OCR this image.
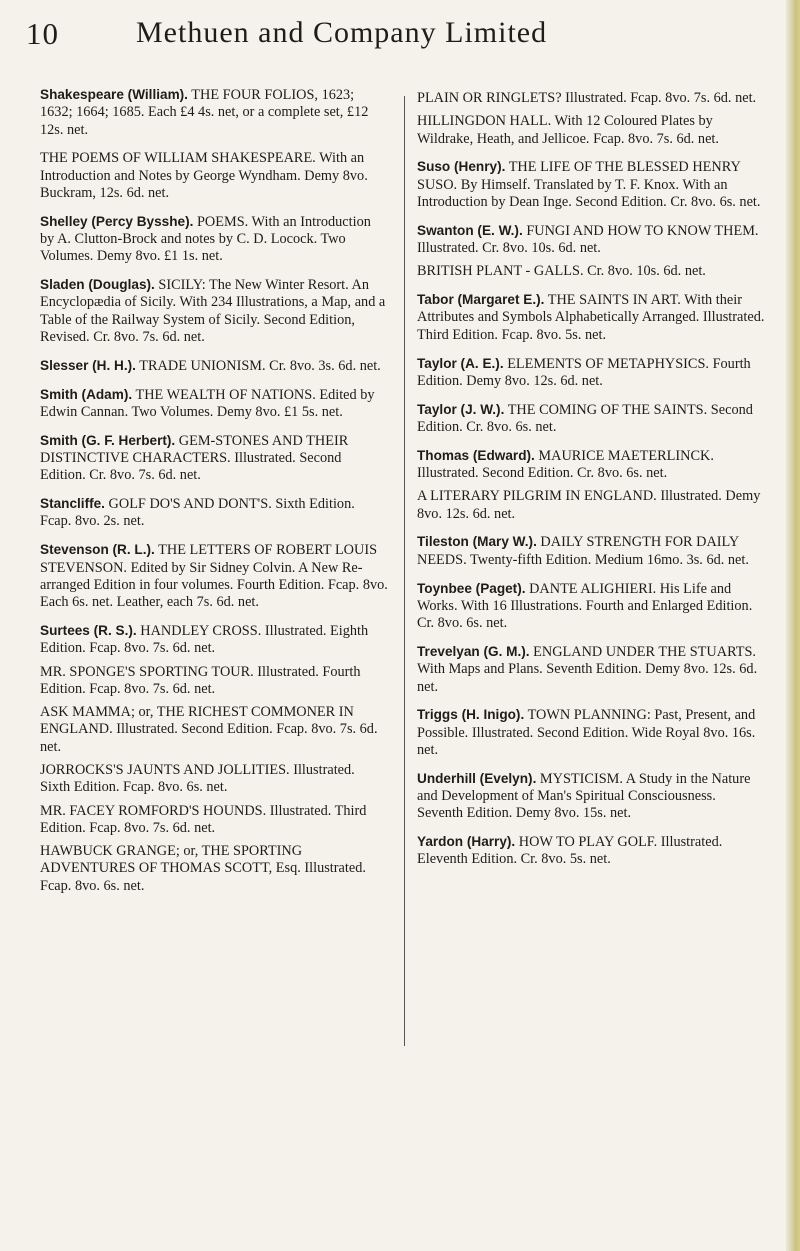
10	Methuen and Company Limited

Shakespeare (William). THE FOUR FOLIOS, 1623; 1632; 1664; 1685. Each £4 4s. net, or a complete set, £12 12s. net.

THE POEMS OF WILLIAM SHAKESPEARE. With an Introduction and Notes by George Wyndham. Demy 8vo. Buckram, 12s. 6d. net.

Shelley (Percy Bysshe). POEMS. With an Introduction by A. Clutton-Brock and notes by C. D. Locock. Two Volumes. Demy 8vo. £1 1s. net.

Sladen (Douglas). SICILY: The New Winter Resort. An Encyclopædia of Sicily. With 234 Illustrations, a Map, and a Table of the Railway System of Sicily. Second Edition, Revised. Cr. 8vo. 7s. 6d. net.

Slesser (H. H.). TRADE UNIONISM. Cr. 8vo. 3s. 6d. net.

Smith (Adam). THE WEALTH OF NATIONS. Edited by Edwin Cannan. Two Volumes. Demy 8vo. £1 5s. net.

Smith (G. F. Herbert). GEM-STONES AND THEIR DISTINCTIVE CHARACTERS. Illustrated. Second Edition. Cr. 8vo. 7s. 6d. net.

Stancliffe. GOLF DO'S AND DONT'S. Sixth Edition. Fcap. 8vo. 2s. net.

Stevenson (R. L.). THE LETTERS OF ROBERT LOUIS STEVENSON. Edited by Sir Sidney Colvin. A New Re-arranged Edition in four volumes. Fourth Edition. Fcap. 8vo. Each 6s. net. Leather, each 7s. 6d. net.

Surtees (R. S.). HANDLEY CROSS. Illustrated. Eighth Edition. Fcap. 8vo. 7s. 6d. net.

MR. SPONGE'S SPORTING TOUR. Illustrated. Fourth Edition. Fcap. 8vo. 7s. 6d. net.

ASK MAMMA; or, THE RICHEST COMMONER IN ENGLAND. Illustrated. Second Edition. Fcap. 8vo. 7s. 6d. net.

JORROCKS'S JAUNTS AND JOLLITIES. Illustrated. Sixth Edition. Fcap. 8vo. 6s. net.

MR. FACEY ROMFORD'S HOUNDS. Illustrated. Third Edition. Fcap. 8vo. 7s. 6d. net.

HAWBUCK GRANGE; or, THE SPORTING ADVENTURES OF THOMAS SCOTT, Esq. Illustrated. Fcap. 8vo. 6s. net.

PLAIN OR RINGLETS? Illustrated. Fcap. 8vo. 7s. 6d. net.

HILLINGDON HALL. With 12 Coloured Plates by Wildrake, Heath, and Jellicoe. Fcap. 8vo. 7s. 6d. net.

Suso (Henry). THE LIFE OF THE BLESSED HENRY SUSO. By Himself. Translated by T. F. Knox. With an Introduction by Dean Inge. Second Edition. Cr. 8vo. 6s. net.

Swanton (E. W.). FUNGI AND HOW TO KNOW THEM. Illustrated. Cr. 8vo. 10s. 6d. net.

BRITISH PLANT - GALLS. Cr. 8vo. 10s. 6d. net.

Tabor (Margaret E.). THE SAINTS IN ART. With their Attributes and Symbols Alphabetically Arranged. Illustrated. Third Edition. Fcap. 8vo. 5s. net.

Taylor (A. E.). ELEMENTS OF METAPHYSICS. Fourth Edition. Demy 8vo. 12s. 6d. net.

Taylor (J. W.). THE COMING OF THE SAINTS. Second Edition. Cr. 8vo. 6s. net.

Thomas (Edward). MAURICE MAETERLINCK. Illustrated. Second Edition. Cr. 8vo. 6s. net.

A LITERARY PILGRIM IN ENGLAND. Illustrated. Demy 8vo. 12s. 6d. net.

Tileston (Mary W.). DAILY STRENGTH FOR DAILY NEEDS. Twenty-fifth Edition. Medium 16mo. 3s. 6d. net.

Toynbee (Paget). DANTE ALIGHIERI. His Life and Works. With 16 Illustrations. Fourth and Enlarged Edition. Cr. 8vo. 6s. net.

Trevelyan (G. M.). ENGLAND UNDER THE STUARTS. With Maps and Plans. Seventh Edition. Demy 8vo. 12s. 6d. net.

Triggs (H. Inigo). TOWN PLANNING: Past, Present, and Possible. Illustrated. Second Edition. Wide Royal 8vo. 16s. net.

Underhill (Evelyn). MYSTICISM. A Study in the Nature and Development of Man's Spiritual Consciousness. Seventh Edition. Demy 8vo. 15s. net.

Yardon (Harry). HOW TO PLAY GOLF. Illustrated. Eleventh Edition. Cr. 8vo. 5s. net.
